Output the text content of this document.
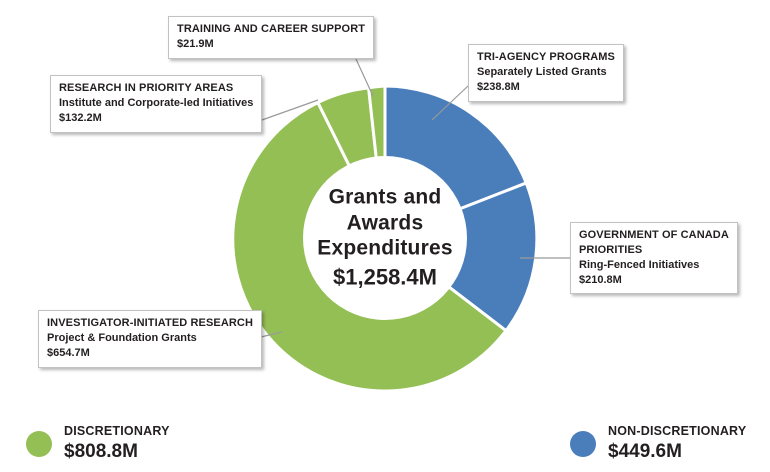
Grants and
Awards
Expenditures
$1,258.4M
TRAINING AND CAREER SUPPORT
$21.9M
RESEARCH IN PRIORITY AREAS
Institute and Corporate-led Initiatives
$132.2M
TRI-AGENCY PROGRAMS
Separately Listed Grants
$238.8M
GOVERNMENT OF CANADA PRIORITIES
Ring-Fenced Initiatives
$210.8M
INVESTIGATOR-INITIATED RESEARCH
Project & Foundation Grants
$654.7M
DISCRETIONARY
$808.8M
NON-DISCRETIONARY
$449.6M
